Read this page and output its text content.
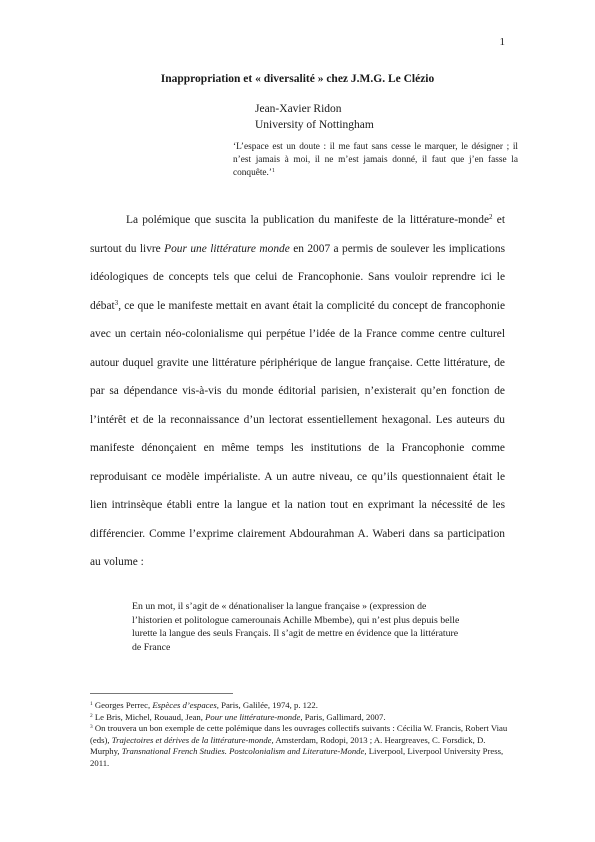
1
Inappropriation et « diversalité » chez J.M.G. Le Clézio
Jean-Xavier Ridon
University of Nottingham
‘L’espace est un doute : il me faut sans cesse le marquer, le désigner ; il n’est jamais à moi, il ne m’est jamais donné, il faut que j’en fasse la conquête.’$^1$

La polémique que suscita la publication du manifeste de la littérature-monde$^2$ et surtout du livre Pour une littérature monde en 2007 a permis de soulever les implications idéologiques de concepts tels que celui de Francophonie. Sans vouloir reprendre ici le débat$^3$, ce que le manifeste mettait en avant était la complicité du concept de francophonie avec un certain néo-colonialisme qui perpétue l’idée de la France comme centre culturel autour duquel gravite une littérature périphérique de langue française. Cette littérature, de par sa dépendance vis-à-vis du monde éditorial parisien, n’existerait qu’en fonction de l’intérêt et de la reconnaissance d’un lectorat essentiellement hexagonal. Les auteurs du manifeste dénonçaient en même temps les institutions de la Francophonie comme reproduisant ce modèle impérialiste. A un autre niveau, ce qu’ils questionnaient était le lien intrinsèque établi entre la langue et la nation tout en exprimant la nécessité de les différencier. Comme l’exprime clairement Abdourahman A. Waberi dans sa participation au volume :

En un mot, il s’agit de « dénationaliser la langue française » (expression de l’historien et politologue camerounais Achille Mbembe), qui n’est plus depuis belle lurette la langue des seuls Français. Il s’agit de mettre en évidence que la littérature de France

$^1$ Georges Perrec, Espèces d’espaces, Paris, Galilée, 1974, p. 122.
$^2$ Le Bris, Michel, Rouaud, Jean, Pour une littérature-monde, Paris, Gallimard, 2007.
$^3$ On trouvera un bon exemple de cette polémique dans les ouvrages collectifs suivants : Cécilia W. Francis, Robert Viau (eds), Trajectoires et dérives de la littérature-monde, Amsterdam, Rodopi, 2013 ; A. Heargreaves, C. Forsdick, D. Murphy, Transnational French Studies. Postcolonialism and Literature-Monde, Liverpool, Liverpool University Press, 2011.
